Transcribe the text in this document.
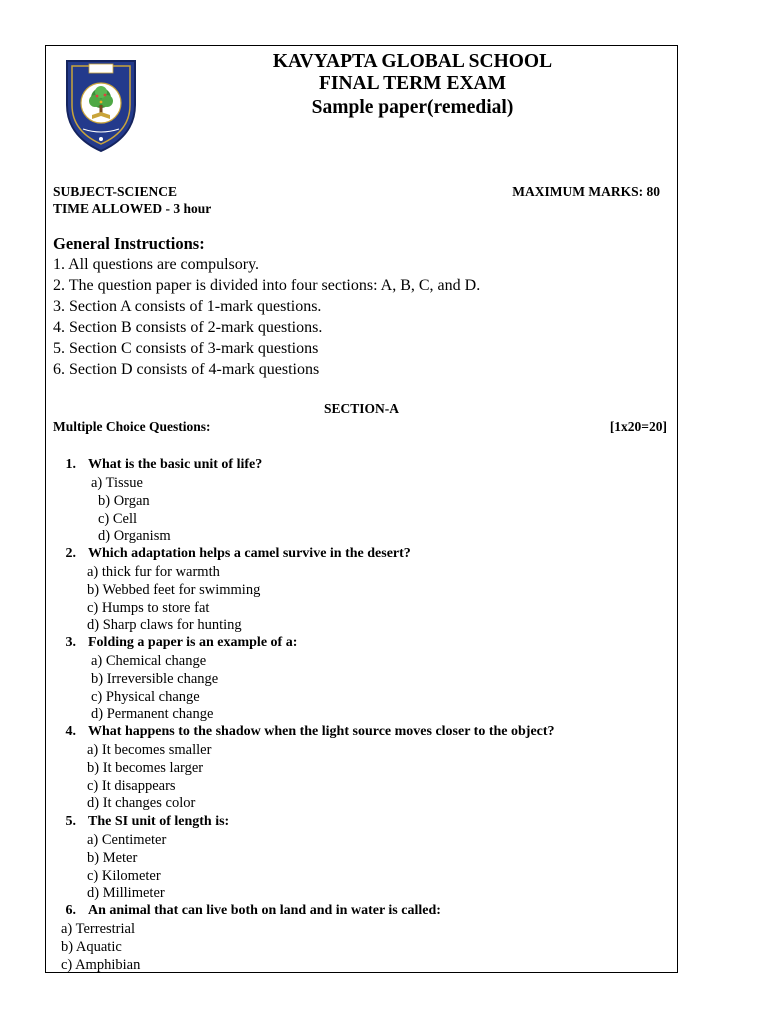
KAVYAPTA GLOBAL SCHOOL
FINAL TERM EXAM
Sample paper(remedial)
SUBJECT-SCIENCE
TIME ALLOWED - 3 hour
MAXIMUM MARKS: 80
General Instructions:
1. All questions are compulsory.
2. The question paper is divided into four sections: A, B, C, and D.
3. Section A consists of 1-mark questions.
4. Section B consists of 2-mark questions.
5. Section C consists of 3-mark questions
6. Section D consists of 4-mark questions
SECTION-A
Multiple Choice Questions:	[1x20=20]
1. What is the basic unit of life?
a) Tissue
b) Organ
c) Cell
d) Organism
2. Which adaptation helps a camel survive in the desert?
a) thick fur for warmth
b) Webbed feet for swimming
c) Humps to store fat
d) Sharp claws for hunting
3. Folding a paper is an example of a:
a) Chemical change
b) Irreversible change
c) Physical change
d) Permanent change
4. What happens to the shadow when the light source moves closer to the object?
a) It becomes smaller
b) It becomes larger
c) It disappears
d) It changes color
5. The SI unit of length is:
a) Centimeter
b) Meter
c) Kilometer
d) Millimeter
6. An animal that can live both on land and in water is called:
a) Terrestrial
b) Aquatic
c) Amphibian
